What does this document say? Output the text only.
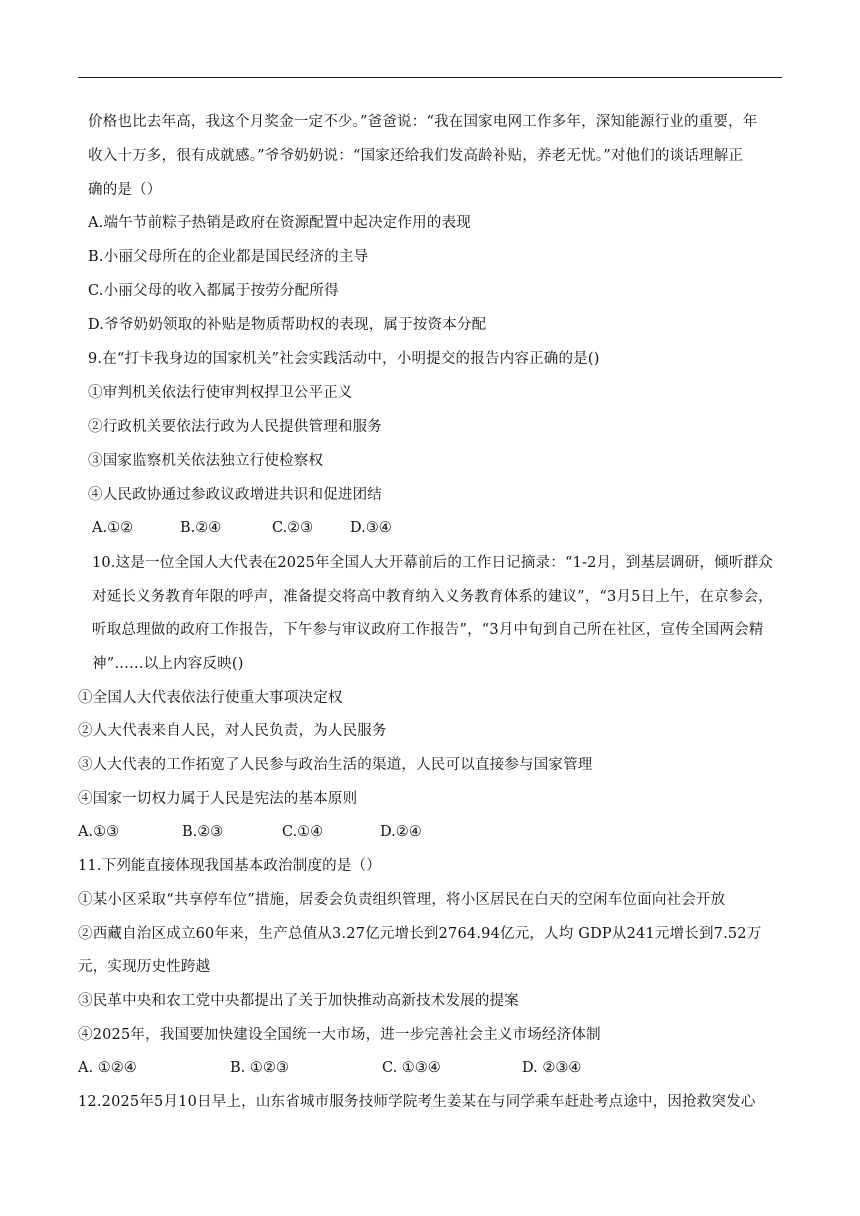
价格也比去年高，我这个月奖金一定不少。”爸爸说：“我在国家电网工作多年，深知能源行业的重要，年
收入十万多，很有成就感。”爷爷奶奶说：“国家还给我们发高龄补贴，养老无忧。”对他们的谈话理解正
确的是（）
A.端午节前粽子热销是政府在资源配置中起决定作用的表现
B.小丽父母所在的企业都是国民经济的主导
C.小丽父母的收入都属于按劳分配所得
D.爷爷奶奶领取的补贴是物质帮助权的表现，属于按资本分配
9.在“打卡我身边的国家机关”社会实践活动中，小明提交的报告内容正确的是()
①审判机关依法行使审判权捍卫公平正义
②行政机关要依法行政为人民提供管理和服务
③国家监察机关依法独立行使检察权
④人民政协通过参政议政增进共识和促进团结
A.①②	B.②④	C.②③	D.③④
10.这是一位全国人大代表在2025年全国人大开幕前后的工作日记摘录：“1-2月，到基层调研，倾听群众
对延长义务教育年限的呼声，准备提交将高中教育纳入义务教育体系的建议”，“3月5日上午，在京参会，
听取总理做的政府工作报告，下午参与审议政府工作报告”，“3月中旬到自己所在社区，宣传全国两会精
神”……以上内容反映()
①全国人大代表依法行使重大事项决定权
②人大代表来自人民，对人民负责，为人民服务
③人大代表的工作拓宽了人民参与政治生活的渠道，人民可以直接参与国家管理
④国家一切权力属于人民是宪法的基本原则
A.①③	B.②③	C.①④	D.②④
11.下列能直接体现我国基本政治制度的是（）
①某小区采取“共享停车位”措施，居委会负责组织管理，将小区居民在白天的空闲车位面向社会开放
②西藏自治区成立60年来，生产总值从3.27亿元增长到2764.94亿元，人均 GDP从241元增长到7.52万
元，实现历史性跨越
③民革中央和农工党中央都提出了关于加快推动高新技术发展的提案
④2025年，我国要加快建设全国统一大市场，进一步完善社会主义市场经济体制
A. ①②④	B. ①②③	C. ①③④	D. ②③④
12.2025年5月10日早上，山东省城市服务技师学院考生姜某在与同学乘车赶赴考点途中，因抢救突发心
